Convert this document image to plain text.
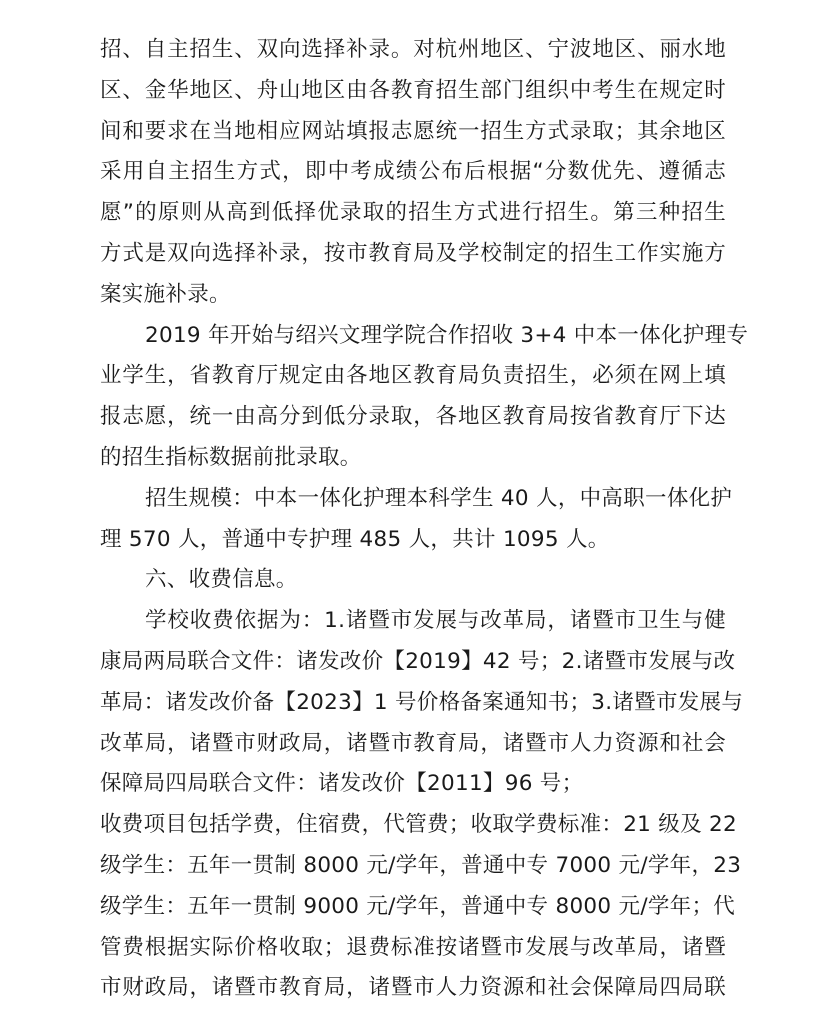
招、自主招生、双向选择补录。对杭州地区、宁波地区、丽水地
区、金华地区、舟山地区由各教育招生部门组织中考生在规定时
间和要求在当地相应网站填报志愿统一招生方式录取；其余地区
采用自主招生方式，即中考成绩公布后根据“分数优先、遵循志
愿”的原则从高到低择优录取的招生方式进行招生。第三种招生
方式是双向选择补录，按市教育局及学校制定的招生工作实施方
案实施补录。
2019 年开始与绍兴文理学院合作招收 3+4 中本一体化护理专
业学生，省教育厅规定由各地区教育局负责招生，必须在网上填
报志愿，统一由高分到低分录取，各地区教育局按省教育厅下达
的招生指标数据前批录取。
招生规模：中本一体化护理本科学生 40 人，中高职一体化护
理 570 人，普通中专护理 485 人，共计 1095 人。
六、收费信息。
学校收费依据为：1.诸暨市发展与改革局，诸暨市卫生与健
康局两局联合文件：诸发改价【2019】42 号；2.诸暨市发展与改
革局：诸发改价备【2023】1 号价格备案通知书；3.诸暨市发展与
改革局，诸暨市财政局，诸暨市教育局，诸暨市人力资源和社会
保障局四局联合文件：诸发改价【2011】96 号；
收费项目包括学费，住宿费，代管费；收取学费标准：21 级及 22
级学生：五年一贯制 8000 元/学年，普通中专 7000 元/学年，23
级学生：五年一贯制 9000 元/学年，普通中专 8000 元/学年；代
管费根据实际价格收取；退费标准按诸暨市发展与改革局，诸暨
市财政局，诸暨市教育局，诸暨市人力资源和社会保障局四局联
